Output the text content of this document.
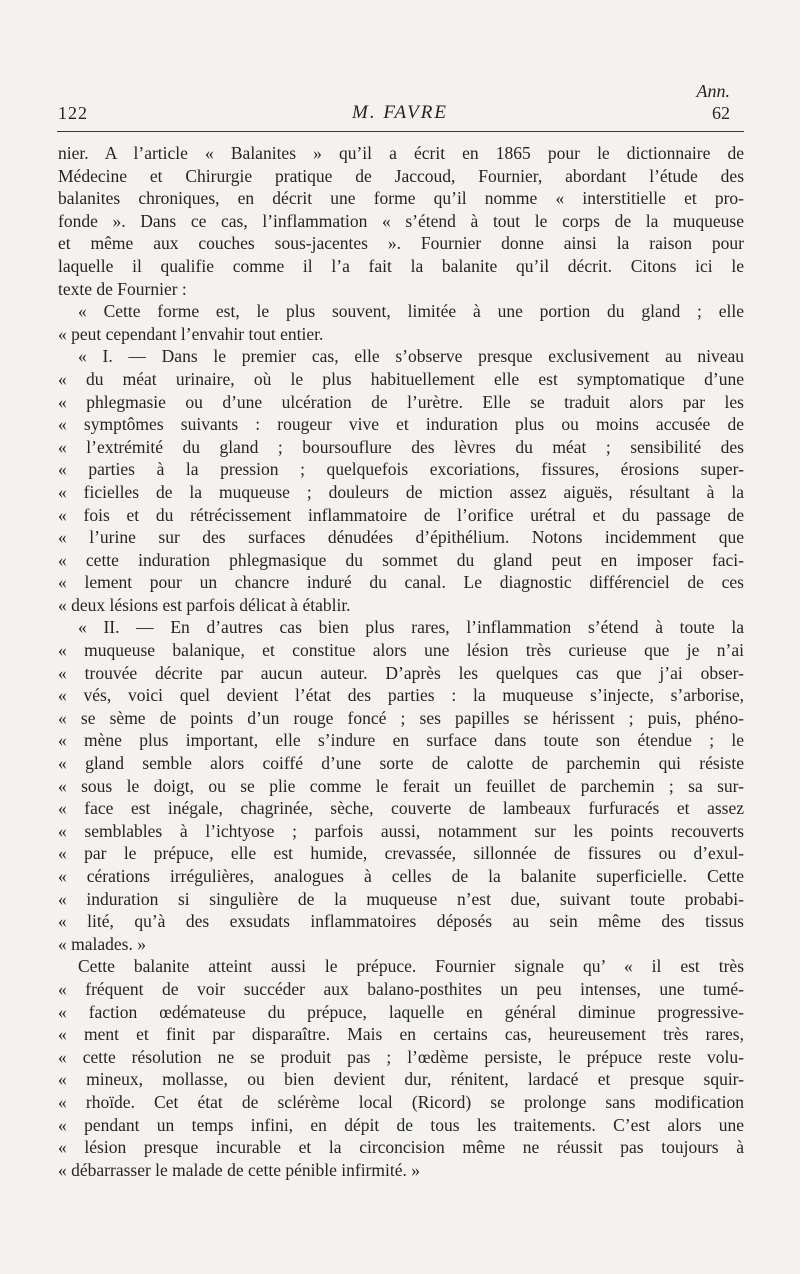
Ann.
122	M. FAVRE	62
nier. A l’article « Balanites » qu’il a écrit en 1865 pour le dictionnaire de
Médecine et Chirurgie pratique de Jaccoud, Fournier, abordant l’étude des
balanites chroniques, en décrit une forme qu’il nomme « interstitielle et pro-
fonde ». Dans ce cas, l’inflammation « s’étend à tout le corps de la muqueuse
et même aux couches sous-jacentes ». Fournier donne ainsi la raison pour
laquelle il qualifie comme il l’a fait la balanite qu’il décrit. Citons ici le
texte de Fournier :
« Cette forme est, le plus souvent, limitée à une portion du gland ; elle
« peut cependant l’envahir tout entier.
« I. — Dans le premier cas, elle s’observe presque exclusivement au niveau
« du méat urinaire, où le plus habituellement elle est symptomatique d’une
« phlegmasie ou d’une ulcération de l’urètre. Elle se traduit alors par les
« symptômes suivants : rougeur vive et induration plus ou moins accusée de
« l’extrémité du gland ; boursouflure des lèvres du méat ; sensibilité des
« parties à la pression ; quelquefois excoriations, fissures, érosions super-
« ficielles de la muqueuse ; douleurs de miction assez aiguës, résultant à la
« fois et du rétrécissement inflammatoire de l’orifice urétral et du passage de
« l’urine sur des surfaces dénudées d’épithélium. Notons incidemment que
« cette induration phlegmasique du sommet du gland peut en imposer faci-
« lement pour un chancre induré du canal. Le diagnostic différenciel de ces
« deux lésions est parfois délicat à établir.
« II. — En d’autres cas bien plus rares, l’inflammation s’étend à toute la
« muqueuse balanique, et constitue alors une lésion très curieuse que je n’ai
« trouvée décrite par aucun auteur. D’après les quelques cas que j’ai obser-
« vés, voici quel devient l’état des parties : la muqueuse s’injecte, s’arborise,
« se sème de points d’un rouge foncé ; ses papilles se hérissent ; puis, phéno-
« mène plus important, elle s’indure en surface dans toute son étendue ; le
« gland semble alors coiffé d’une sorte de calotte de parchemin qui résiste
« sous le doigt, ou se plie comme le ferait un feuillet de parchemin ; sa sur-
« face est inégale, chagrinée, sèche, couverte de lambeaux furfuracés et assez
« semblables à l’ichtyose ; parfois aussi, notamment sur les points recouverts
« par le prépuce, elle est humide, crevassée, sillonnée de fissures ou d’exul-
« cérations irrégulières, analogues à celles de la balanite superficielle. Cette
« induration si singulière de la muqueuse n’est due, suivant toute probabi-
« lité, qu’à des exsudats inflammatoires déposés au sein même des tissus
« malades. »
Cette balanite atteint aussi le prépuce. Fournier signale qu’ « il est très
« fréquent de voir succéder aux balano-posthites un peu intenses, une tumé-
« faction œdémateuse du prépuce, laquelle en général diminue progressive-
« ment et finit par disparaître. Mais en certains cas, heureusement très rares,
« cette résolution ne se produit pas ; l’œdème persiste, le prépuce reste volu-
« mineux, mollasse, ou bien devient dur, rénitent, lardacé et presque squir-
« rhoïde. Cet état de sclérème local (Ricord) se prolonge sans modification
« pendant un temps infini, en dépit de tous les traitements. C’est alors une
« lésion presque incurable et la circoncision même ne réussit pas toujours à
« débarrasser le malade de cette pénible infirmité. »
